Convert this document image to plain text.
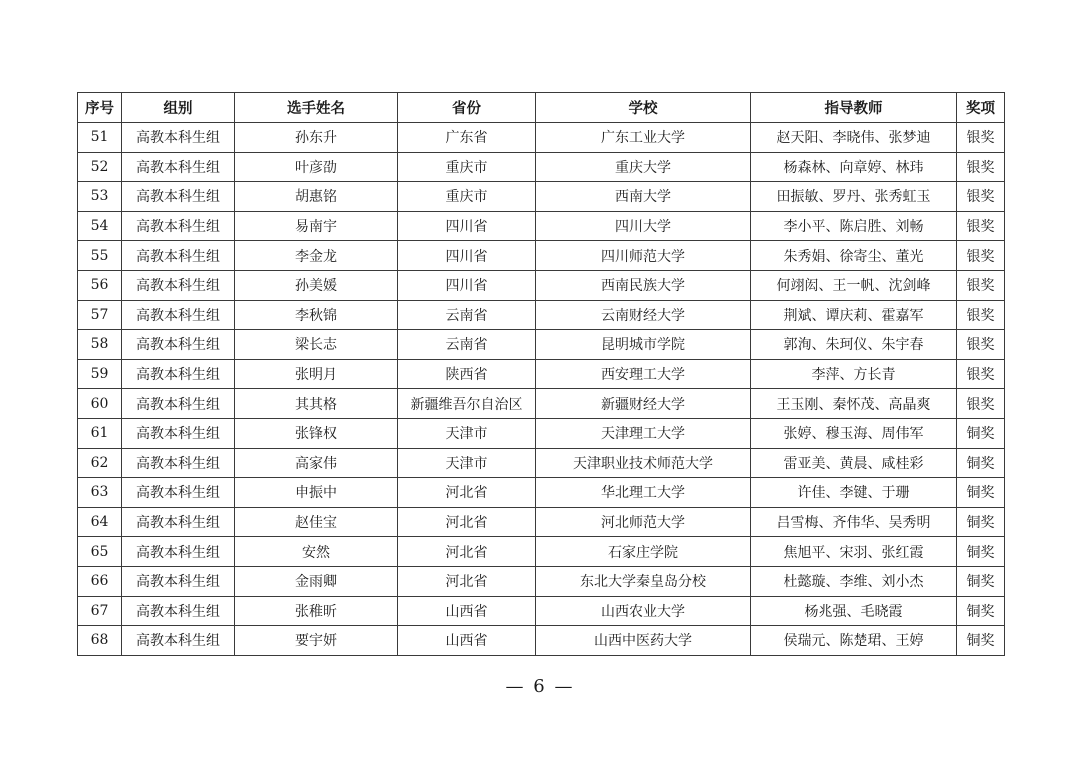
序号	组别	选手姓名	省份	学校	指导教师	奖项
51	高教本科生组	孙东升	广东省	广东工业大学	赵天阳、李晓伟、张梦迪	银奖
52	高教本科生组	叶彦劭	重庆市	重庆大学	杨森林、向章婷、林玮	银奖
53	高教本科生组	胡惠铭	重庆市	西南大学	田振敏、罗丹、张秀虹玉	银奖
54	高教本科生组	易南宇	四川省	四川大学	李小平、陈启胜、刘畅	银奖
55	高教本科生组	李金龙	四川省	四川师范大学	朱秀娟、徐寄尘、董光	银奖
56	高教本科生组	孙美媛	四川省	西南民族大学	何翊闳、王一帆、沈剑峰	银奖
57	高教本科生组	李秋锦	云南省	云南财经大学	荆斌、谭庆莉、霍嘉军	银奖
58	高教本科生组	梁长志	云南省	昆明城市学院	郭洵、朱珂仪、朱宇春	银奖
59	高教本科生组	张明月	陕西省	西安理工大学	李萍、方长青	银奖
60	高教本科生组	其其格	新疆维吾尔自治区	新疆财经大学	王玉刚、秦怀茂、高晶爽	银奖
61	高教本科生组	张锋权	天津市	天津理工大学	张婷、穆玉海、周伟军	铜奖
62	高教本科生组	高家伟	天津市	天津职业技术师范大学	雷亚美、黄晨、咸桂彩	铜奖
63	高教本科生组	申振中	河北省	华北理工大学	许佳、李键、于珊	铜奖
64	高教本科生组	赵佳宝	河北省	河北师范大学	吕雪梅、齐伟华、吴秀明	铜奖
65	高教本科生组	安然	河北省	石家庄学院	焦旭平、宋羽、张红霞	铜奖
66	高教本科生组	金雨卿	河北省	东北大学秦皇岛分校	杜懿璇、李维、刘小杰	铜奖
67	高教本科生组	张稚昕	山西省	山西农业大学	杨兆强、毛晓霞	铜奖
68	高教本科生组	要宇妍	山西省	山西中医药大学	侯瑞元、陈楚珺、王婷	铜奖
— 6 —
